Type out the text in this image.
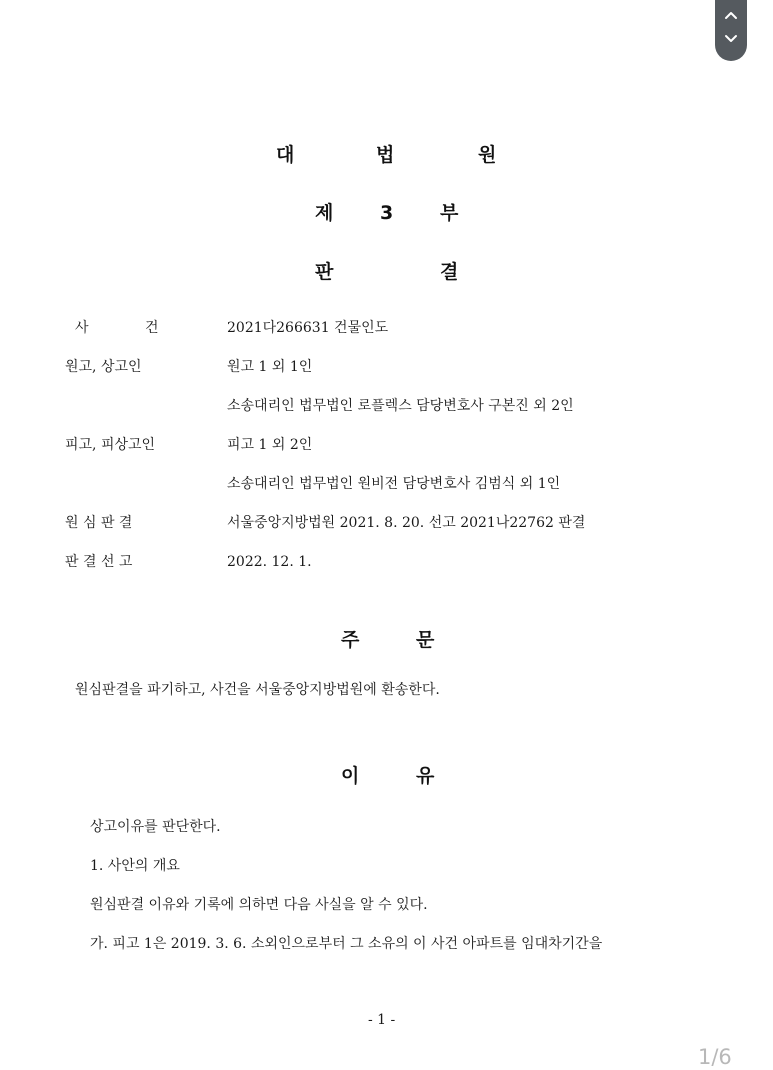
대	법	원
제 3 부
판	결
사	건	2021다266631 건물인도
원고, 상고인	원고 1 외 1인
소송대리인 법무법인 로플렉스 담당변호사 구본진 외 2인
피고, 피상고인	피고 1 외 2인
소송대리인 법무법인 원비전 담당변호사 김범식 외 1인
원 심 판 결	서울중앙지방법원 2021. 8. 20. 선고 2021나22762 판결
판 결 선 고	2022. 12. 1.
주	문
원심판결을 파기하고, 사건을 서울중앙지방법원에 환송한다.
이	유
상고이유를 판단한다.
1. 사안의 개요
원심판결 이유와 기록에 의하면 다음 사실을 알 수 있다.
가. 피고 1은 2019. 3. 6. 소외인으로부터 그 소유의 이 사건 아파트를 임대차기간을
- 1 -
1/6
